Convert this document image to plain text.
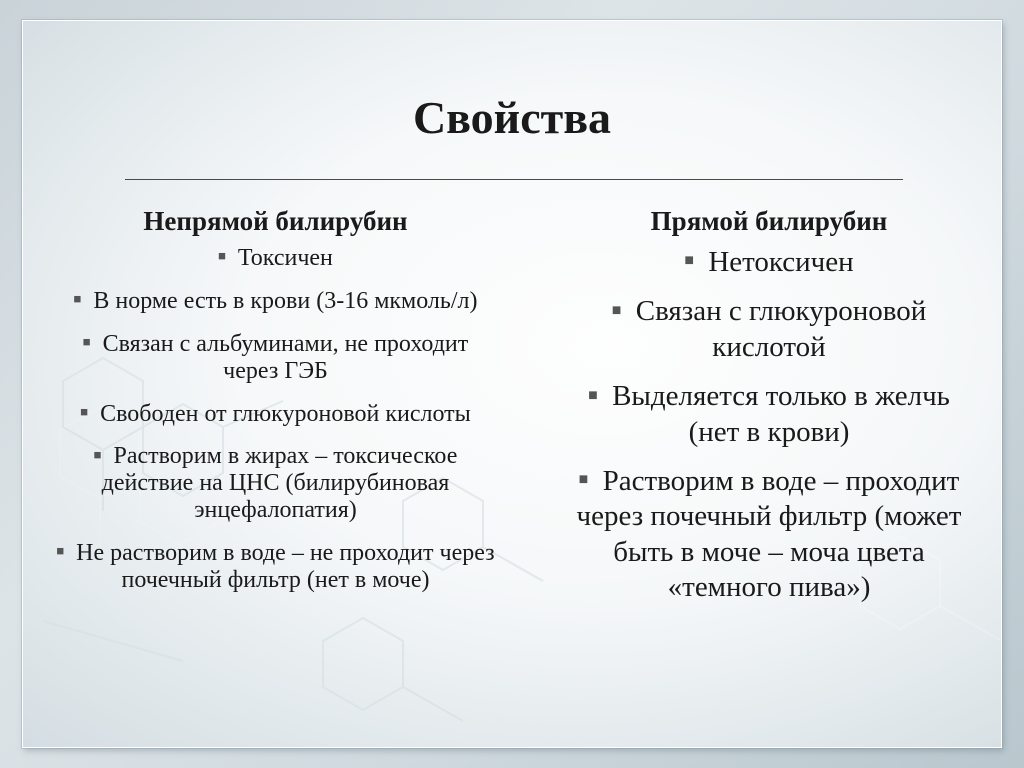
Свойства
Непрямой билирубин
■ Токсичен
■ В норме есть в крови (3-16 мкмоль/л)
■ Связан с альбуминами, не проходит через ГЭБ
■ Свободен от глюкуроновой кислоты
■ Растворим в жирах – токсическое действие на ЦНС (билирубиновая энцефалопатия)
■ Не растворим в воде – не проходит через почечный фильтр (нет в моче)
Прямой билирубин
■ Нетоксичен
■ Связан с глюкуроновой кислотой
■ Выделяется только в желчь (нет в крови)
■ Растворим в воде – проходит через почечный фильтр (может быть в моче – моча цвета «темного пива»)
